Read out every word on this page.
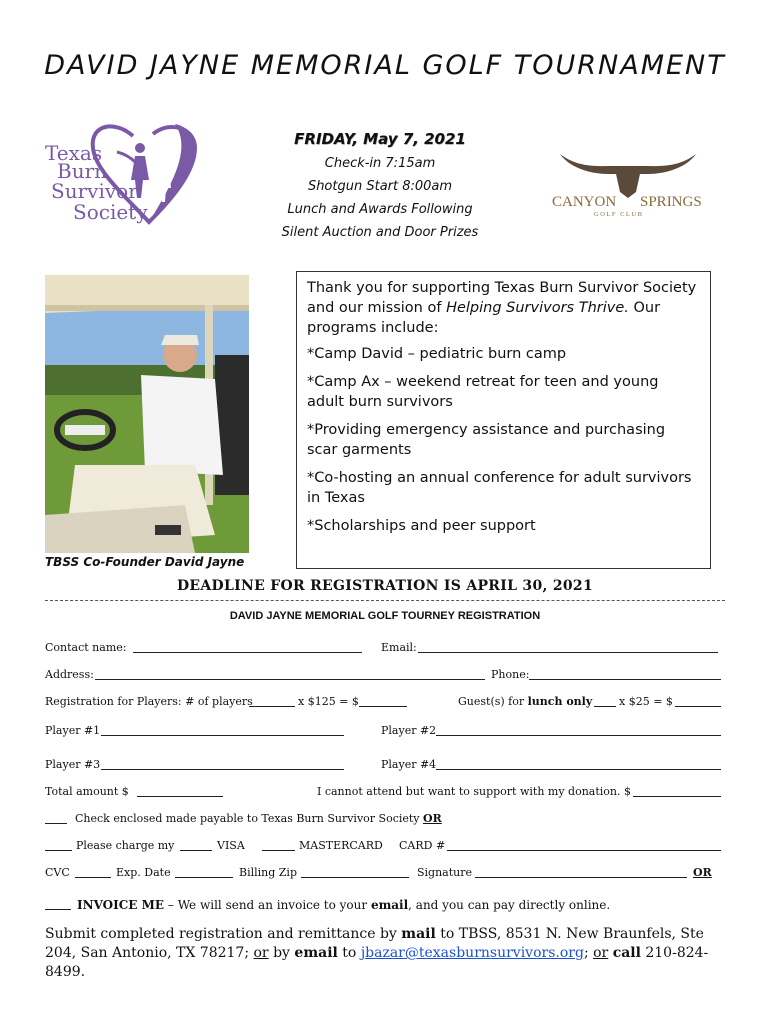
DAVID JAYNE MEMORIAL GOLF TOURNAMENT
Texas
Burn
Survivor
Society
FRIDAY, May 7, 2021
Check-in 7:15am
Shotgun Start 8:00am
Lunch and Awards Following
Silent Auction and Door Prizes
CANYON SPRINGS
GOLF CLUB
TBSS Co-Founder David Jayne

Thank you for supporting Texas Burn Survivor Society and our mission of Helping Survivors Thrive. Our programs include:

*Camp David – pediatric burn camp

*Camp Ax – weekend retreat for teen and young adult burn survivors

*Providing emergency assistance and purchasing scar garments

*Co-hosting an annual conference for adult survivors in Texas

*Scholarships and peer support

DEADLINE FOR REGISTRATION IS APRIL 30, 2021
DAVID JAYNE MEMORIAL GOLF TOURNEY REGISTRATION
Contact name:	Email:
Address:	Phone:
Registration for Players: # of players	x $125 = $	Guest(s) for lunch only x $25 = $
Player #1	Player #2
Player #3	Player #4
Total amount $	I cannot attend but want to support with my donation. $
Check enclosed made payable to Texas Burn Survivor Society OR
Please charge my	VISA	MASTERCARD CARD #
CVC	Exp. Date	Billing Zip	Signature	OR
INVOICE ME – We will send an invoice to your email, and you can pay directly online.
Submit completed registration and remittance by mail to TBSS, 8531 N. New Braunfels, Ste 204, San Antonio, TX 78217; or by email to jbazar@texasburnsurvivors.org; or call 210-824-8499.
